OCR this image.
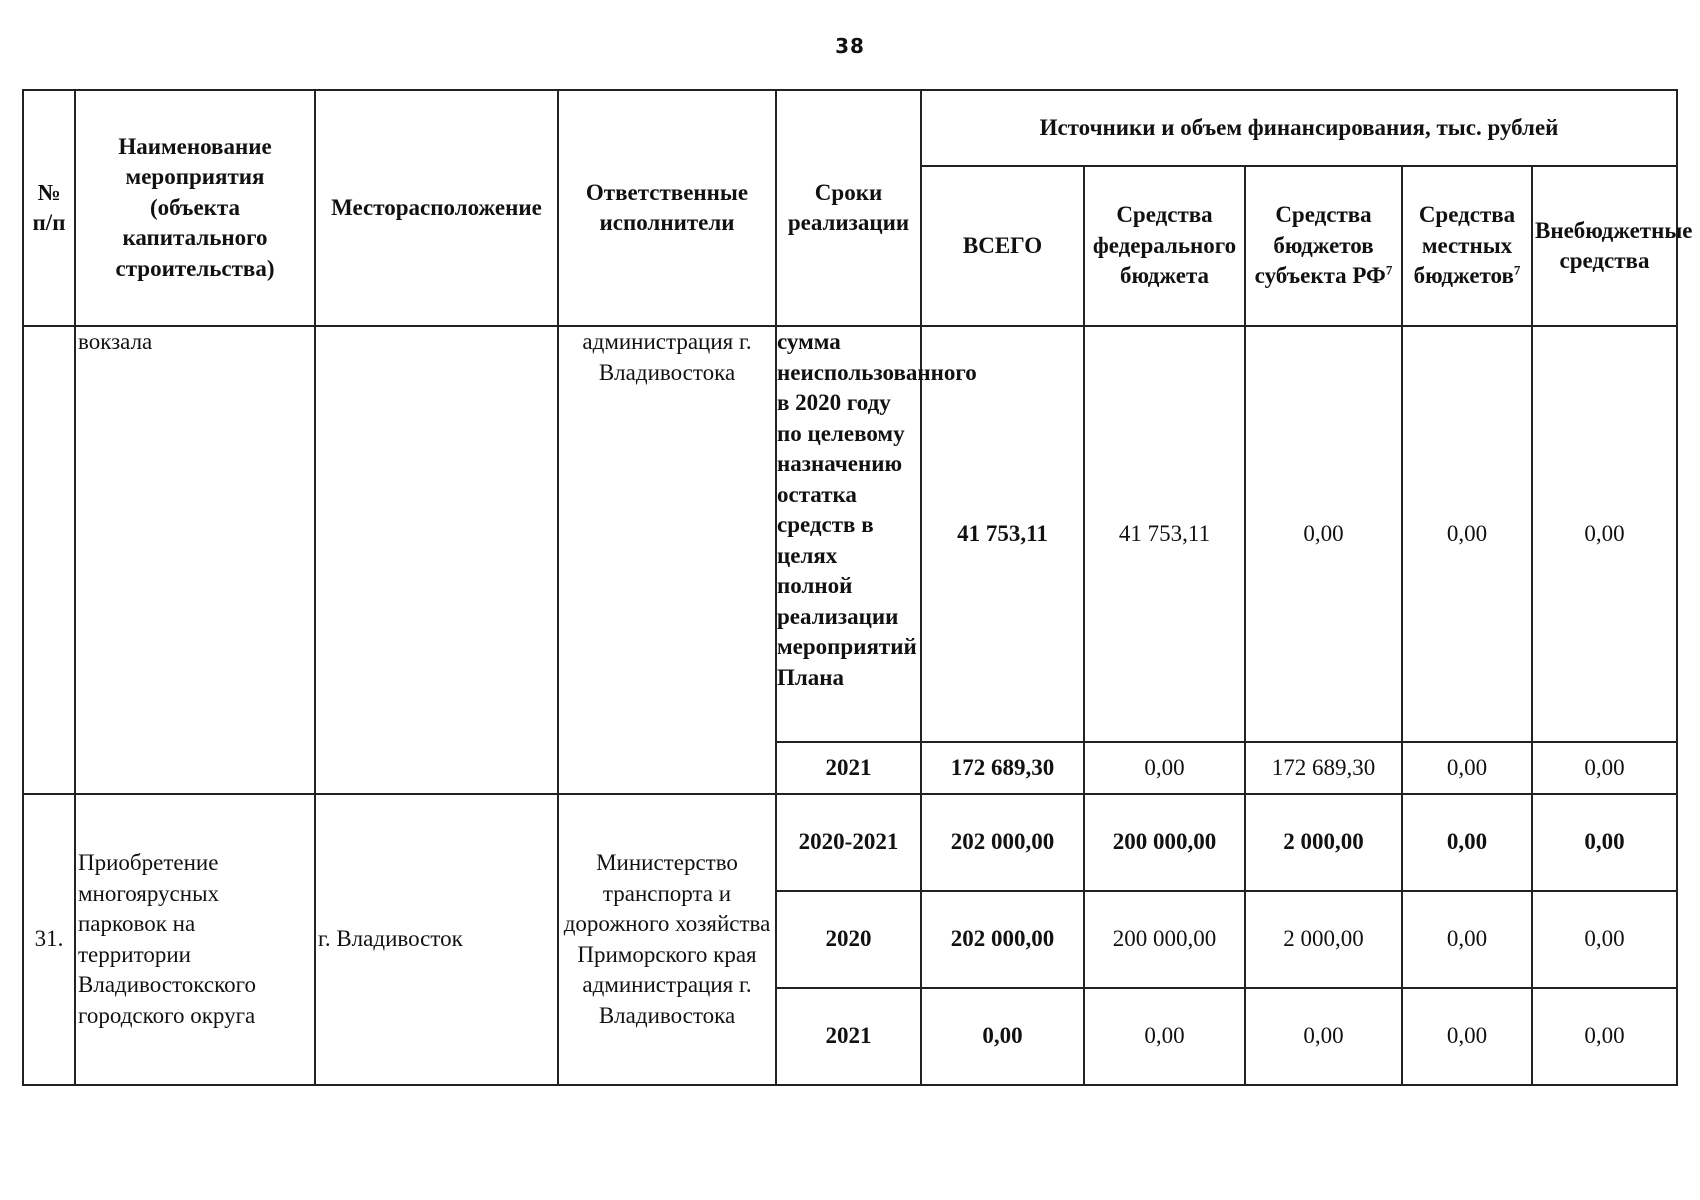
38
№ п/п	Наименование мероприятия (объекта капитального строительства)	Месторасположение	Ответственные исполнители	Сроки реализации	Источники и объем финансирования, тыс. рублей				
					ВСЕГО	Средства федерального бюджета	Средства бюджетов субъекта $РФ^7$	Средства местных бюджетов$^7$	Внебюджетные средства
	вокзала		администрация г. Владивостока	сумма неиспользованного в 2020 году по целевому назначению остатка средств в целях полной реализации мероприятий Плана	41 753,11	41 753,11	0,00	0,00	0,00
				2021	172 689,30	0,00	172 689,30	0,00	0,00
31.	Приобретение многоярусных парковок на территории Владивостокского городского округа	г. Владивосток	Министерство транспорта и дорожного хозяйства Приморского края администрация г. Владивостока	2020-2021	202 000,00	200 000,00	2 000,00	0,00	0,00
				2020	202 000,00	200 000,00	2 000,00	0,00	0,00
				2021	0,00	0,00	0,00	0,00	0,00
